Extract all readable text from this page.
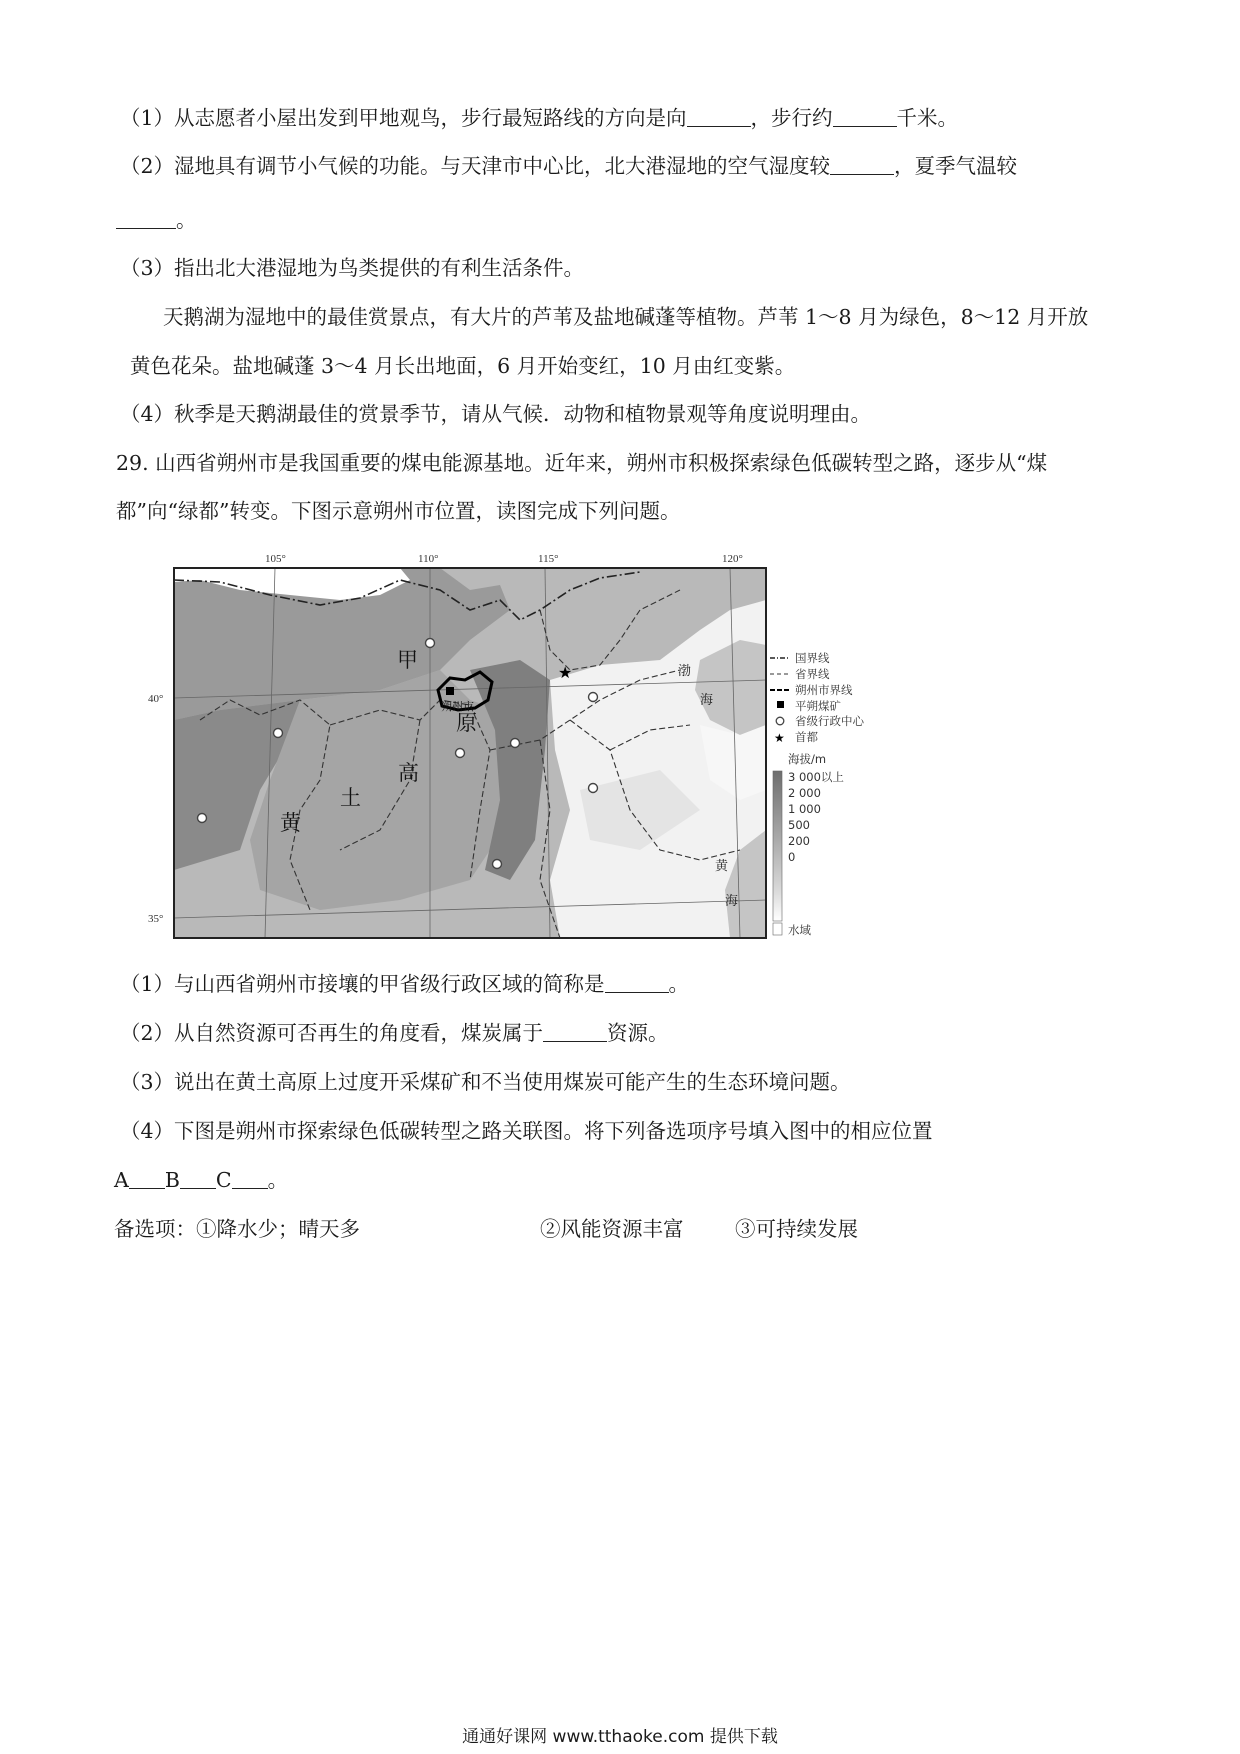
（1）从志愿者小屋出发到甲地观鸟，步行最短路线的方向是向	，步行约	千米。
（2）湿地具有调节小气候的功能。与天津市中心比，北大港湿地的空气湿度较	，夏季气温较
。
（3）指出北大港湿地为鸟类提供的有利生活条件。
天鹅湖为湿地中的最佳赏景点，有大片的芦苇及盐地碱蓬等植物。芦苇 1～8 月为绿色，8～12 月开放
黄色花朵。盐地碱蓬 3～4 月长出地面，6 月开始变红，10 月由红变紫。
（4）秋季是天鹅湖最佳的赏景季节，请从气候．动物和植物景观等角度说明理由。
29. 山西省朔州市是我国重要的煤电能源基地。近年来，朔州市积极探索绿色低碳转型之路，逐步从“煤
都”向“绿都”转变。下图示意朔州市位置，读图完成下列问题。
105°	110°	115°	120°
40°
35°
★
甲
黄
土
高
原
朔州市
渤
海
黄
海
国界线
省界线
朔州市界线
平朔煤矿
省级行政中心
★ 首都
海拔/m
3 000以上
2 000
1 000
500
200
0
水域
（1）与山西省朔州市接壤的甲省级行政区域的简称是	。
（2）从自然资源可否再生的角度看，煤炭属于	资源。
（3）说出在黄土高原上过度开采煤矿和不当使用煤炭可能产生的生态环境问题。
（4）下图是朔州市探索绿色低碳转型之路关联图。将下列备选项序号填入图中的相应位置
A B C 。
备选项：①降水少；晴天多	②风能资源丰富	③可持续发展
通通好课网 www.tthaoke.com 提供下载
